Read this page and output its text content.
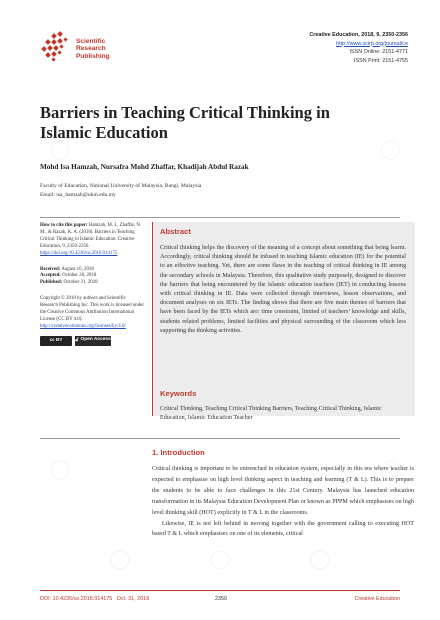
Scientific
Research
Publishing
Creative Education, 2018, 9, 2350-2356
http://www.scirp.org/journal/ce
ISSN Online: 2151-4771
ISSN Print: 2151-4755
Barriers in Teaching Critical Thinking in Islamic Education
Mohd Isa Hamzah, Nursafra Mohd Zhaffar, Khadijah Abdul Razak
Faculty of Education, National University of Malaysia, Bangi, Malaysia
Email: isa_hamzah@ukm.edu.my

How to cite this paper: Hamzah, M. I., Zhaffar, N. M., & Razak, K. A. (2018). Barriers in Teaching Critical Thinking in Islamic Education. Creative Education, 9, 2350-2356. https://doi.org/10.4236/ce.2018.914175

Received: August 16, 2018
Accepted: October 28, 2018
Published: October 31, 2018

Copyright © 2018 by authors and Scientific Research Publishing Inc. This work is licensed under the Creative Commons Attribution International License (CC BY 4.0). http://creativecommons.org/licenses/by/4.0/

cc BY	🔓︎ Open Access
Abstract
Critical thinking helps the discovery of the meaning of a concept about something that being learnt. Accordingly, critical thinking should be infused in teaching Islamic education (IE) for the potential to an effective teaching. Yet, there are some flaws in the teaching of critical thinking in IE among the secondary schools in Malaysia. Therefore, this qualitative study purposely, designed to discover the barriers that being encountered by the Islamic education teachers (IET) in conducting lessons with critical thinking in IE. Data were collected through interviews, lesson observations, and document analyses on six IETs. The finding shows that there are five main themes of barriers that have been faced by the IETs which are: time constraint, limited of teachers’ knowledge and skills, students related problems, limited facilities and physical surrounding of the classroom which less supporting the thinking activities.
Keywords
Critical Thinking, Teaching Critical Thinking Barriers, Teaching Critical Thinking, Islamic Education, Islamic Education Teacher
1. Introduction

Critical thinking is important to be entrenched in education system, especially in this era where teacher is expected to emphasise on high level thinking aspect in teaching and learning (T & L). This is to prepare the students to be able to face challenges in this 21st Century. Malaysia has launched education transformation in its Malaysia Education Development Plan or known as PPPM which emphasises on high level thinking skill (HOT) explicitly in T & L in the classrooms.

Likewise, IE is not left behind in moving together with the government calling to executing HOT based T & L which emphasises on one of its elements, critical

DOI: 10.4236/ce.2018.914175 Oct. 31, 2018	2350	Creative Education
